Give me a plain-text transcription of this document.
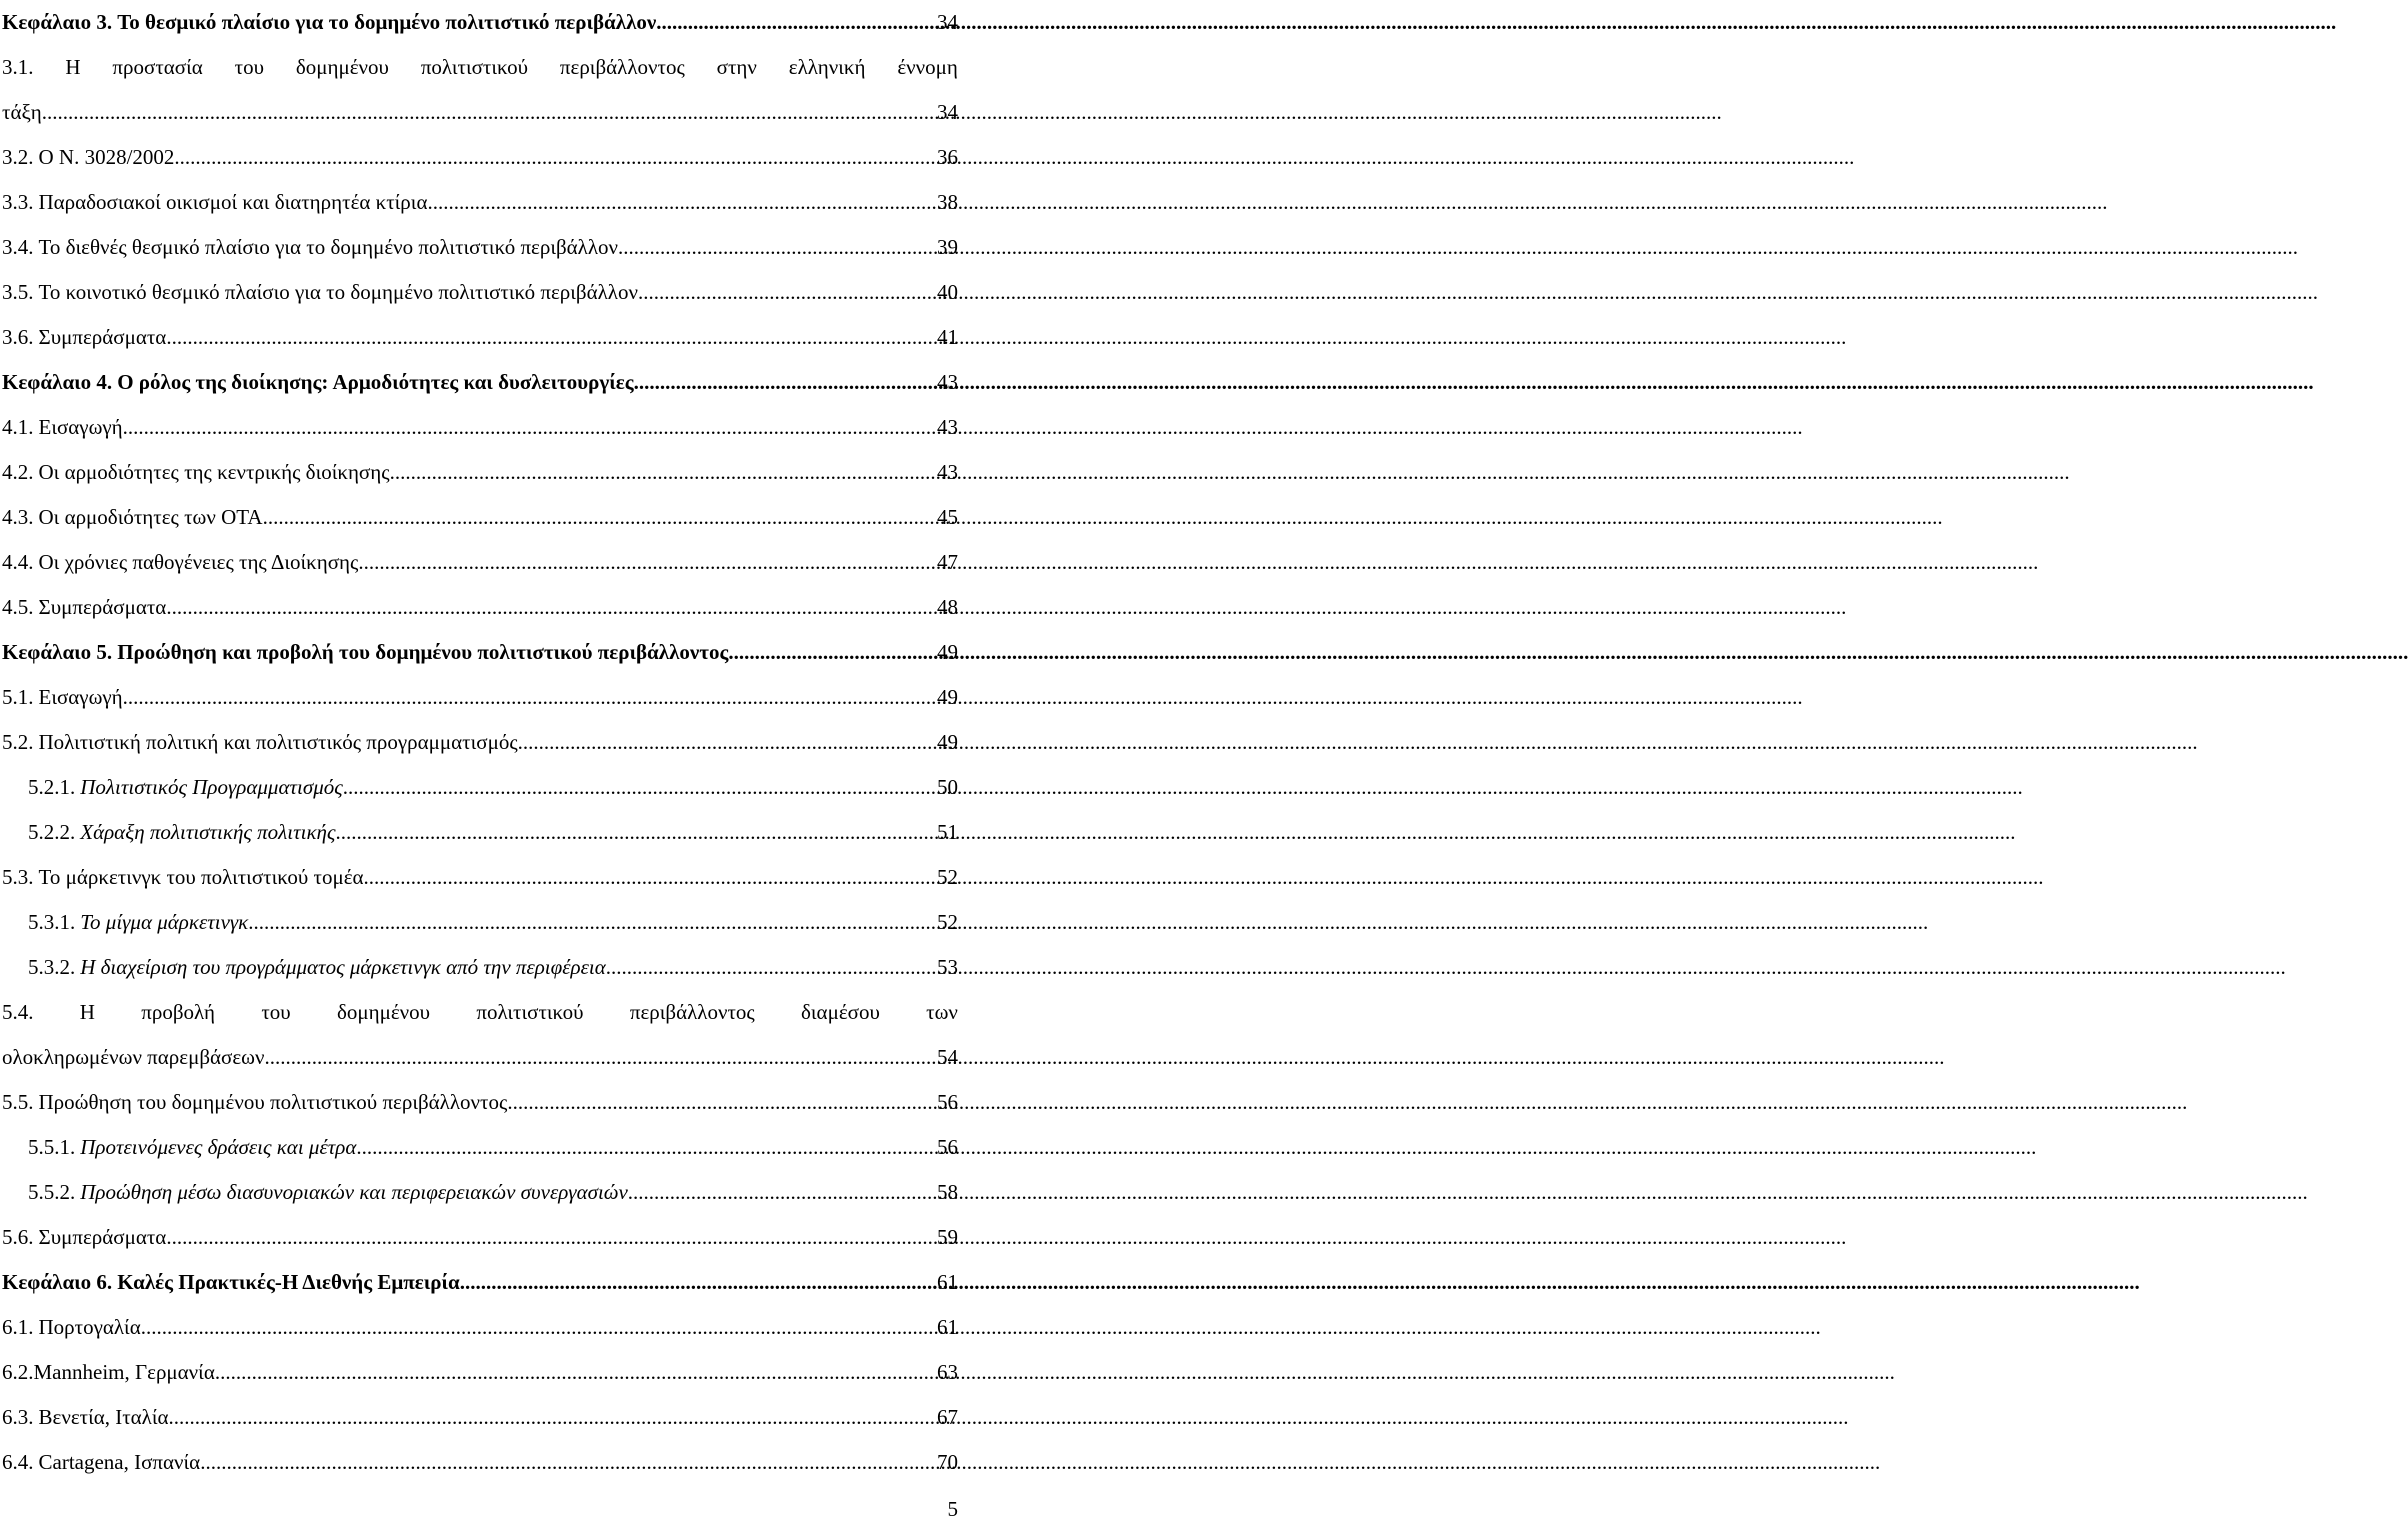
Κεφάλαιο 3. Το θεσμικό πλαίσιο για το δομημένο πολιτιστικό περιβάλλον .....	34
3.1. Η προστασία του δομημένου πολιτιστικού περιβάλλοντος στην ελληνική έννομη
τάξη .....	34
3.2. Ο Ν. 3028/2002 .....	36
3.3. Παραδοσιακοί οικισμοί και διατηρητέα κτίρια .....	38
3.4. Το διεθνές θεσμικό πλαίσιο για το δομημένο πολιτιστικό περιβάλλον .....	39
3.5. Το κοινοτικό θεσμικό πλαίσιο για το δομημένο πολιτιστικό περιβάλλον .....	40
3.6. Συμπεράσματα .....	41
Κεφάλαιο 4. Ο ρόλος της διοίκησης: Αρμοδιότητες και δυσλειτουργίες .....	43
4.1. Εισαγωγή .....	43
4.2. Οι αρμοδιότητες της κεντρικής διοίκησης .....	43
4.3. Οι αρμοδιότητες των ΟΤΑ .....	45
4.4. Οι χρόνιες παθογένειες της Διοίκησης .....	47
4.5. Συμπεράσματα .....	48
Κεφάλαιο 5. Προώθηση και προβολή του δομημένου πολιτιστικού περιβάλλοντος .....	49
5.1. Εισαγωγή .....	49
5.2. Πολιτιστική πολιτική και πολιτιστικός προγραμματισμός .....	49
5.2.1. Πολιτιστικός Προγραμματισμός .....	50
5.2.2. Χάραξη πολιτιστικής πολιτικής .....	51
5.3. Το μάρκετινγκ του πολιτιστικού τομέα .....	52
5.3.1. Το μίγμα μάρκετινγκ .....	52
5.3.2. Η διαχείριση του προγράμματος μάρκετινγκ από την περιφέρεια .....	53
5.4. Η προβολή του δομημένου πολιτιστικού περιβάλλοντος διαμέσου των
ολοκληρωμένων παρεμβάσεων .....	54
5.5. Προώθηση του δομημένου πολιτιστικού περιβάλλοντος .....	56
5.5.1. Προτεινόμενες δράσεις και μέτρα .....	56
5.5.2. Προώθηση μέσω διασυνοριακών και περιφερειακών συνεργασιών .....	58
5.6. Συμπεράσματα .....	59
Κεφάλαιο 6. Καλές Πρακτικές-Η Διεθνής Εμπειρία .....	61
6.1. Πορτογαλία .....	61
6.2. Mannheim, Γερμανία .....	63
6.3. Βενετία, Ιταλία .....	67
6.4. Cartagena, Ισπανία .....	70
5
